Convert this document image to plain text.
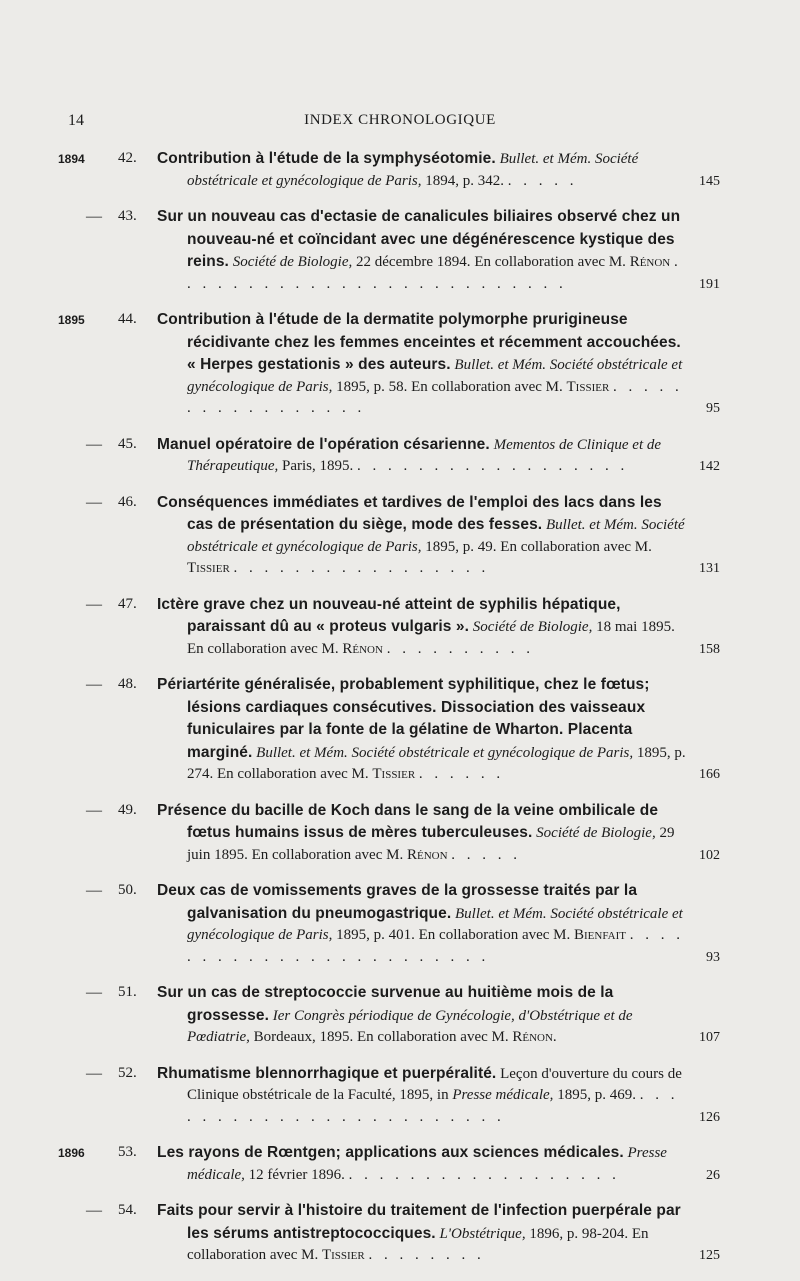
14	INDEX CHRONOLOGIQUE
1894 42.	Contribution à l'étude de la symphyséotomie. Bullet. et Mém. Société obstétricale et gynécologique de Paris, 1894, p. 342. . . . . .	145
— 43.	Sur un nouveau cas d'ectasie de canalicules biliaires observé chez un nouveau-né et coïncidant avec une dégénérescence kystique des reins. Société de Biologie, 22 décembre 1894. En collaboration avec M. Rénon . . . . . . . . . . . . . . . . . . . . . . . . . .	191
1895 44.	Contribution à l'étude de la dermatite polymorphe prurigineuse récidivante chez les femmes enceintes et récemment accouchées. « Herpes gestationis » des auteurs. Bullet. et Mém. Société obstétricale et gynécologique de Paris, 1895, p. 58. En collaboration avec M. Tissier . . . . . . . . . . . . . . . . .	95
— 45.	Manuel opératoire de l'opération césarienne. Mementos de Clinique et de Thérapeutique, Paris, 1895. . . . . . . . . . . . . . . . . . .	142
— 46.	Conséquences immédiates et tardives de l'emploi des lacs dans les cas de présentation du siège, mode des fesses. Bullet. et Mém. Société obstétricale et gynécologique de Paris, 1895, p. 49. En collaboration avec M. Tissier . . . . . . . . . . . . . . . . .	131
— 47.	Ictère grave chez un nouveau-né atteint de syphilis hépatique, paraissant dû au « proteus vulgaris ». Société de Biologie, 18 mai 1895. En collaboration avec M. Rénon . . . . . . . . . .	158
— 48.	Périartérite généralisée, probablement syphilitique, chez le fœtus; lésions cardiaques consécutives. Dissociation des vaisseaux funiculaires par la fonte de la gélatine de Wharton. Placenta marginé. Bullet. et Mém. Société obstétricale et gynécologique de Paris, 1895, p. 274. En collaboration avec M. Tissier . . . . . .	166
— 49.	Présence du bacille de Koch dans le sang de la veine ombilicale de fœtus humains issus de mères tuberculeuses. Société de Biologie, 29 juin 1895. En collaboration avec M. Rénon . . . . .	102
— 50.	Deux cas de vomissements graves de la grossesse traités par la galvanisation du pneumogastrique. Bullet. et Mém. Société obstétricale et gynécologique de Paris, 1895, p. 401. En collaboration avec M. Bienfait . . . . . . . . . . . . . . . . . . . . . . . .	93
— 51.	Sur un cas de streptococcie survenue au huitième mois de la grossesse. Ier Congrès périodique de Gynécologie, d'Obstétrique et de Pœdiatrie, Bordeaux, 1895. En collaboration avec M. Rénon.	107
— 52.	Rhumatisme blennorrhagique et puerpéralité. Leçon d'ouverture du cours de Clinique obstétricale de la Faculté, 1895, in Presse médicale, 1895, p. 469. . . . . . . . . . . . . . . . . . . . . . . . .	126
1896 53.	Les rayons de Rœntgen; applications aux sciences médicales. Presse médicale, 12 février 1896. . . . . . . . . . . . . . . . . . .	26
— 54.	Faits pour servir à l'histoire du traitement de l'infection puerpérale par les sérums antistreptococciques. L'Obstétrique, 1896, p. 98-204. En collaboration avec M. Tissier . . . . . . . .	125
